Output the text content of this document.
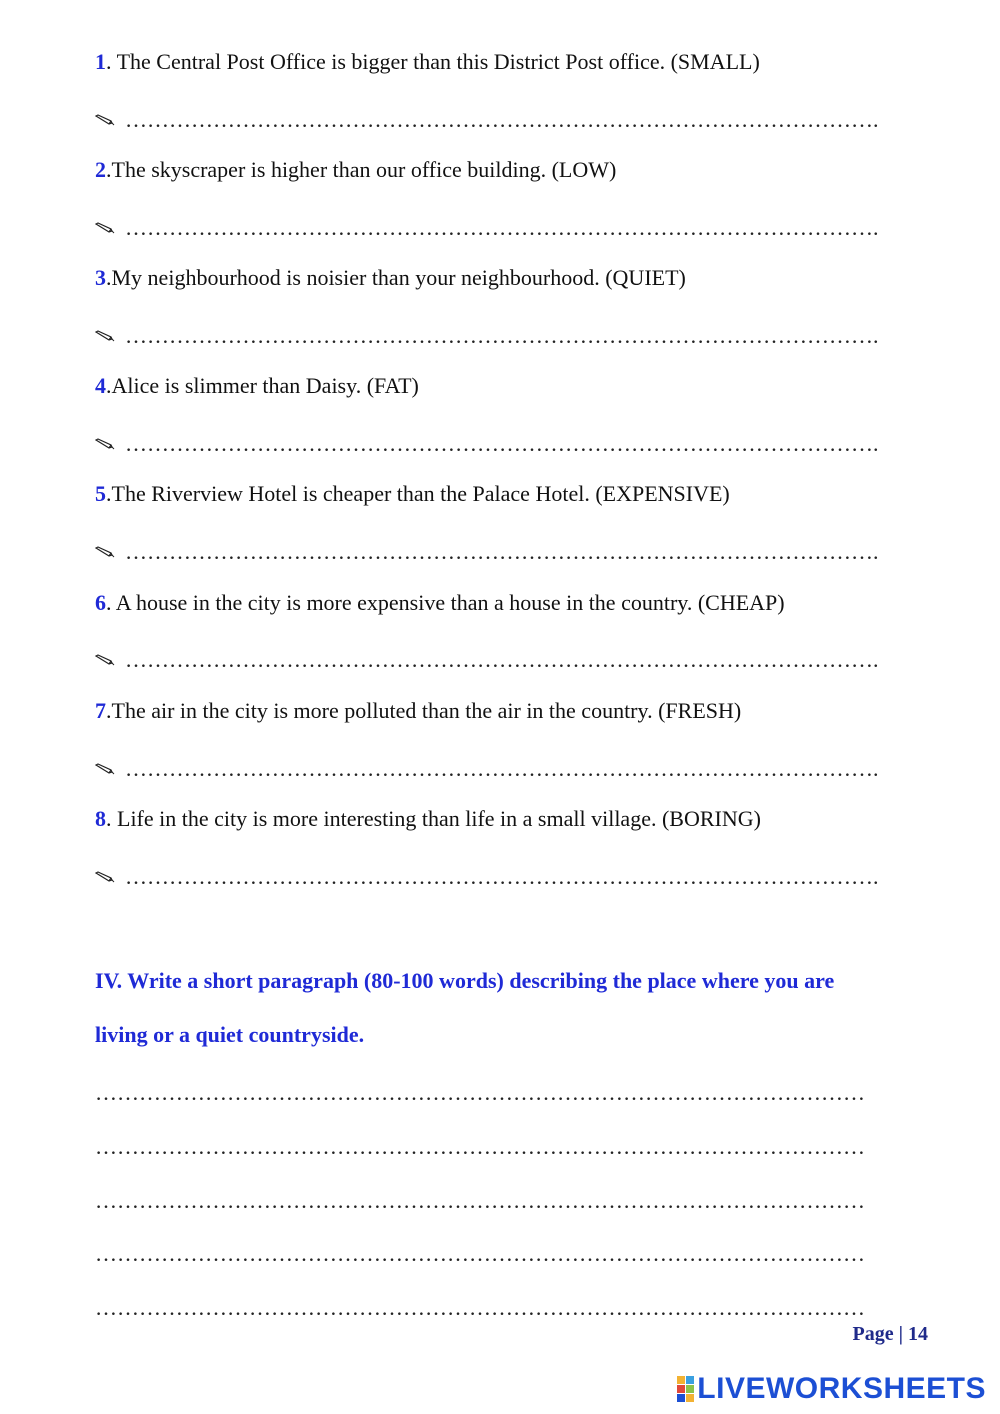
1. The Central Post Office is bigger than this District Post office. (SMALL)
………………………………………………………………………………………….
2.The skyscraper is higher than our office building. (LOW)
………………………………………………………………………………………….
3.My neighbourhood is noisier than your neighbourhood. (QUIET)
………………………………………………………………………………………….
4.Alice is slimmer than Daisy. (FAT)
………………………………………………………………………………………….
5.The Riverview Hotel is cheaper than the Palace Hotel. (EXPENSIVE)
………………………………………………………………………………………….
6. A house in the city is more expensive than a house in the country. (CHEAP)
………………………………………………………………………………………….
7.The air in the city is more polluted than the air in the country. (FRESH)
………………………………………………………………………………………….
8. Life in the city is more interesting than life in a small village. (BORING)
………………………………………………………………………………………….
IV. Write a short paragraph (80-100 words) describing the place where you are
living or a quiet countryside.
……………………………………………………………………………………………
……………………………………………………………………………………………
……………………………………………………………………………………………
……………………………………………………………………………………………
……………………………………………………………………………………………
Page | 14
LIVEWORKSHEETS
